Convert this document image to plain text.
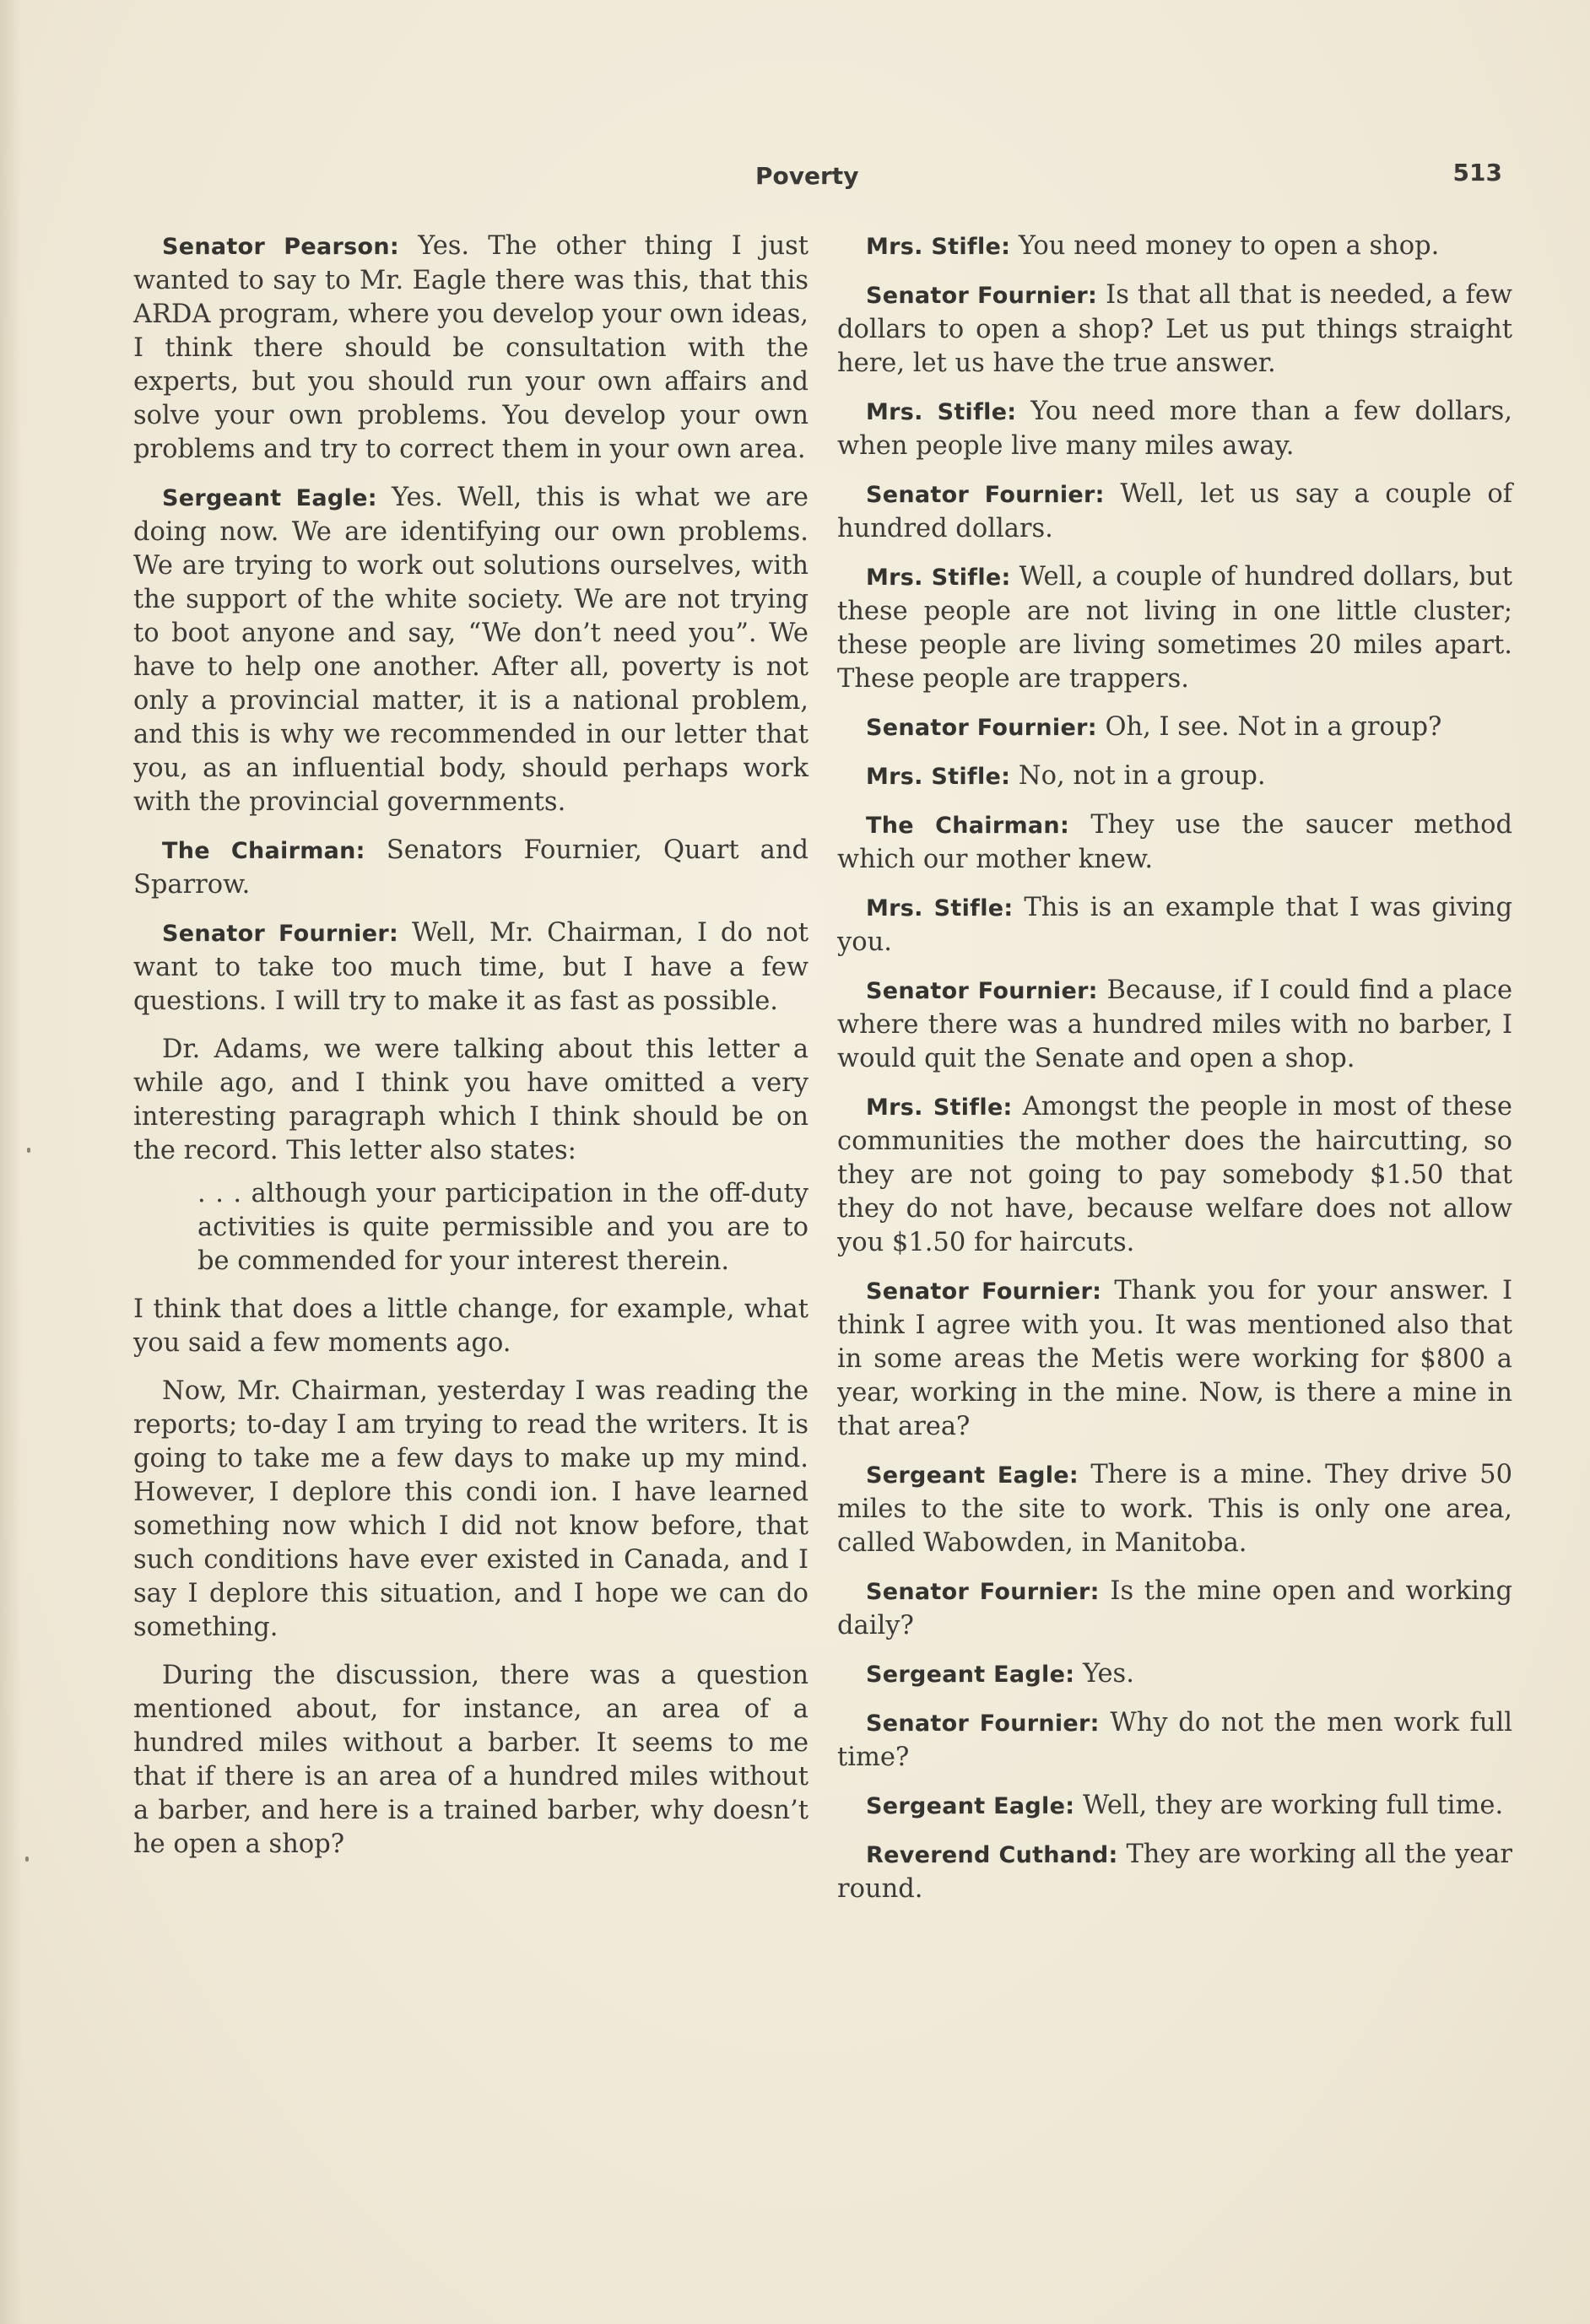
Poverty	513

Senator Pearson: Yes. The other thing I just wanted to say to Mr. Eagle there was this, that this ARDA program, where you develop your own ideas, I think there should be consultation with the experts, but you should run your own affairs and solve your own problems. You develop your own problems and try to correct them in your own area.

Sergeant Eagle: Yes. Well, this is what we are doing now. We are identifying our own problems. We are trying to work out solutions ourselves, with the support of the white society. We are not trying to boot anyone and say, “We don’t need you”. We have to help one another. After all, poverty is not only a provincial matter, it is a national problem, and this is why we recommended in our letter that you, as an influential body, should perhaps work with the provincial governments.

The Chairman: Senators Fournier, Quart and Sparrow.

Senator Fournier: Well, Mr. Chairman, I do not want to take too much time, but I have a few questions. I will try to make it as fast as possible.

Dr. Adams, we were talking about this letter a while ago, and I think you have omitted a very interesting paragraph which I think should be on the record. This letter also states:

. . . although your participation in the off-duty activities is quite permissible and you are to be commended for your interest therein.

I think that does a little change, for example, what you said a few moments ago.

Now, Mr. Chairman, yesterday I was reading the reports; to-day I am trying to read the writers. It is going to take me a few days to make up my mind. However, I deplore this condi ion. I have learned something now which I did not know before, that such conditions have ever existed in Canada, and I say I deplore this situation, and I hope we can do something.

During the discussion, there was a question mentioned about, for instance, an area of a hundred miles without a barber. It seems to me that if there is an area of a hundred miles without a barber, and here is a trained barber, why doesn’t he open a shop?

Mrs. Stifle: You need money to open a shop.

Senator Fournier: Is that all that is needed, a few dollars to open a shop? Let us put things straight here, let us have the true answer.

Mrs. Stifle: You need more than a few dollars, when people live many miles away.

Senator Fournier: Well, let us say a couple of hundred dollars.

Mrs. Stifle: Well, a couple of hundred dollars, but these people are not living in one little cluster; these people are living sometimes 20 miles apart. These people are trappers.

Senator Fournier: Oh, I see. Not in a group?

Mrs. Stifle: No, not in a group.

The Chairman: They use the saucer method which our mother knew.

Mrs. Stifle: This is an example that I was giving you.

Senator Fournier: Because, if I could find a place where there was a hundred miles with no barber, I would quit the Senate and open a shop.

Mrs. Stifle: Amongst the people in most of these communities the mother does the haircutting, so they are not going to pay somebody $1.50 that they do not have, because welfare does not allow you $1.50 for haircuts.

Senator Fournier: Thank you for your answer. I think I agree with you. It was mentioned also that in some areas the Metis were working for $800 a year, working in the mine. Now, is there a mine in that area?

Sergeant Eagle: There is a mine. They drive 50 miles to the site to work. This is only one area, called Wabowden, in Manitoba.

Senator Fournier: Is the mine open and working daily?

Sergeant Eagle: Yes.

Senator Fournier: Why do not the men work full time?

Sergeant Eagle: Well, they are working full time.

Reverend Cuthand: They are working all the year round.
